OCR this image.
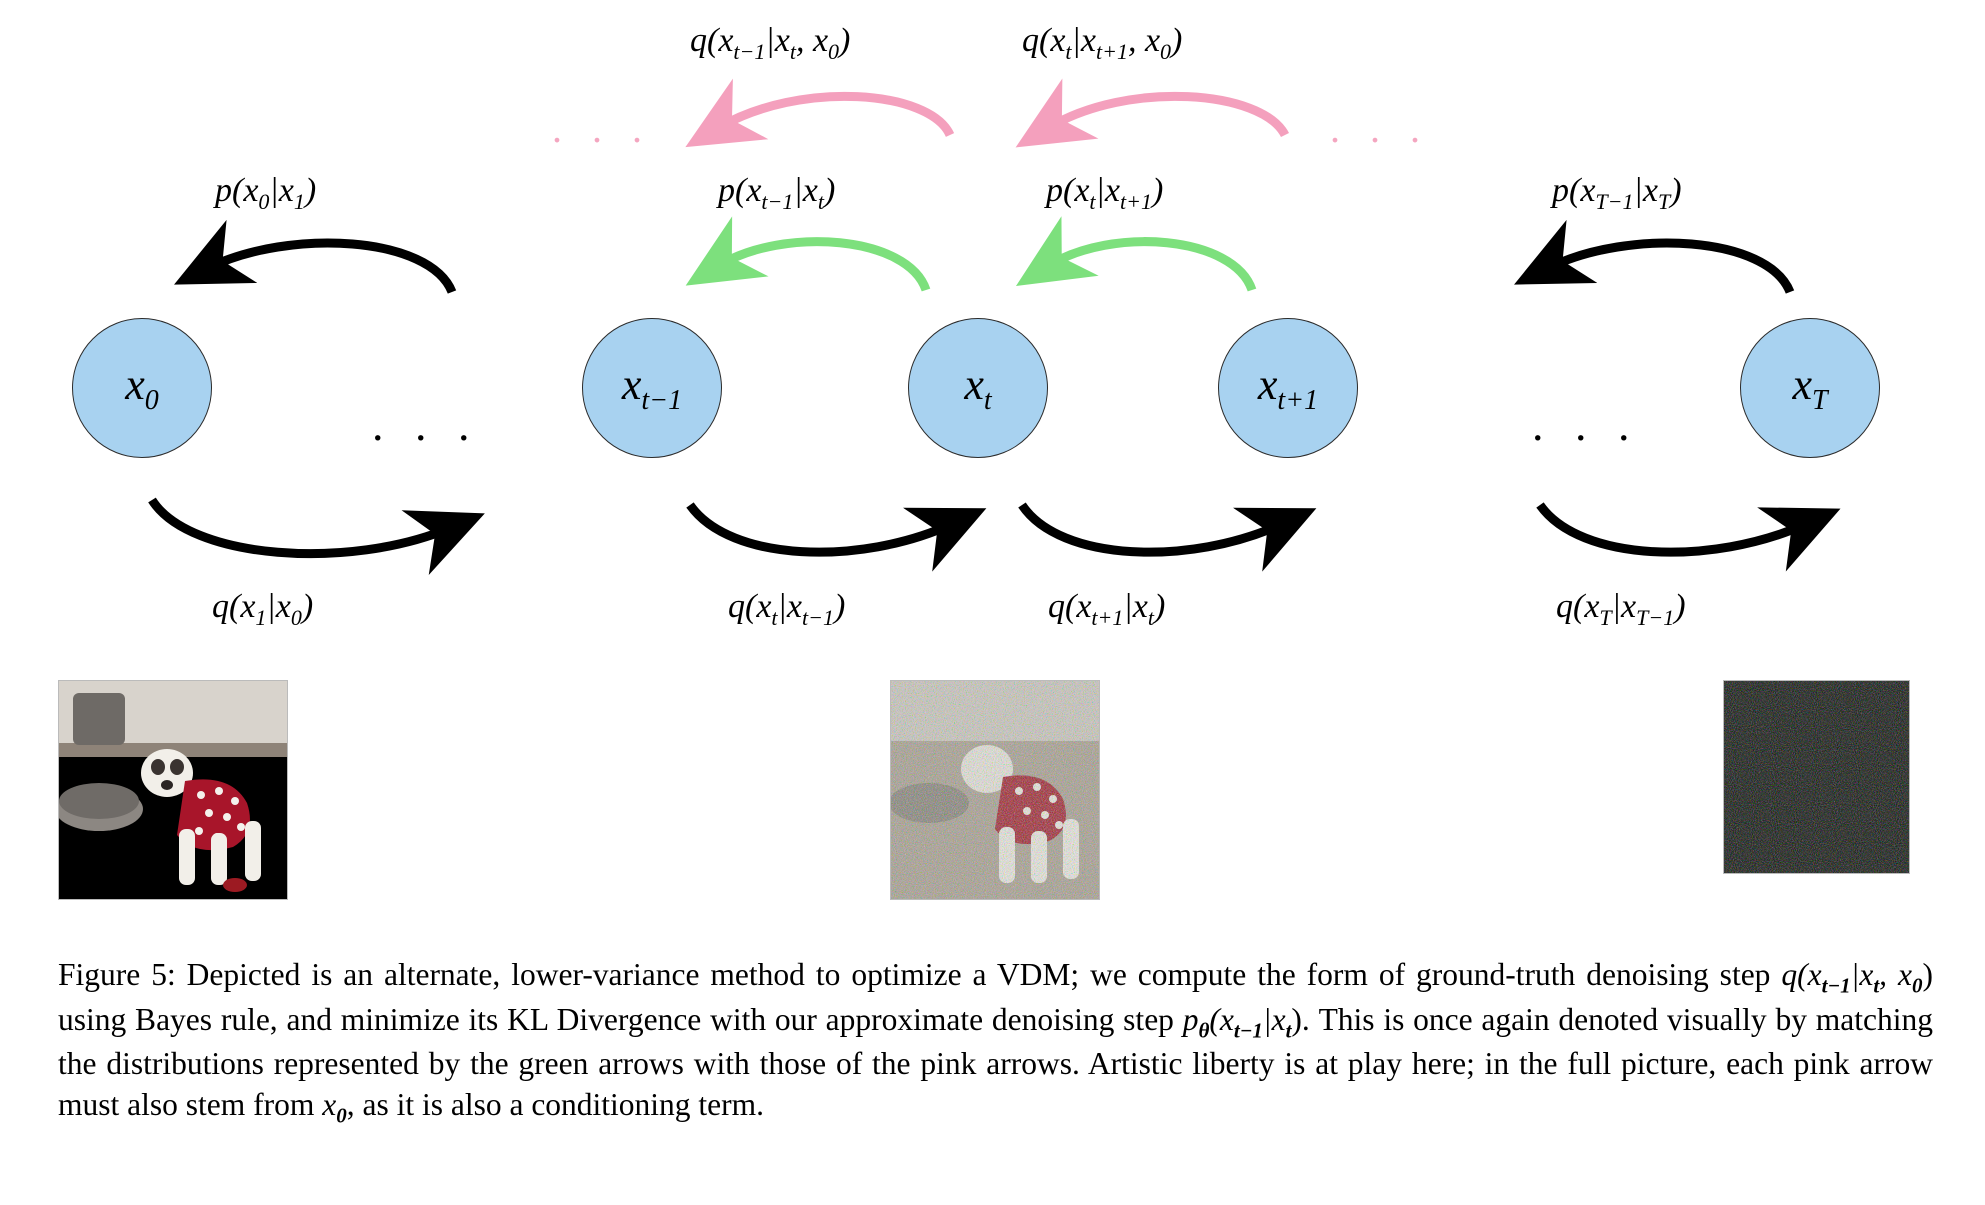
$x_0$	$x_{t-1}$	$x_t$	$x_{t+1}$	$x_T$
. . .	. . .
. . .	. . .
$q(x_{t-1}|x_t$, $x_0$)	$q(x_t|x_{t+1}$, $x_0$)
$p(x_0|x_1)$	$p(x_{t-1}|x_t)$	$p(x_t|x_{t+1})$	$p(x_{T-1}|x_T)$
$q(x_1|x_0)$	$q(x_t|x_{t-1})$	$q(x_{t+1}|x_t)$	$q(x_T|x_{T-1})$
Figure 5: Depicted is an alternate, lower-variance method to optimize a VDM; we compute the form of ground-truth denoising step $q(x_{t-1}|x_t$, $x_0$) using Bayes rule, and minimize its KL Divergence with our approximate denoising step $p_\theta(x_{t-1}|x_t)$. This is once again denoted visually by matching the distributions represented by the green arrows with those of the pink arrows. Artistic liberty is at play here; in the full picture, each pink arrow must also stem from $x_0$, as it is also a conditioning term.
